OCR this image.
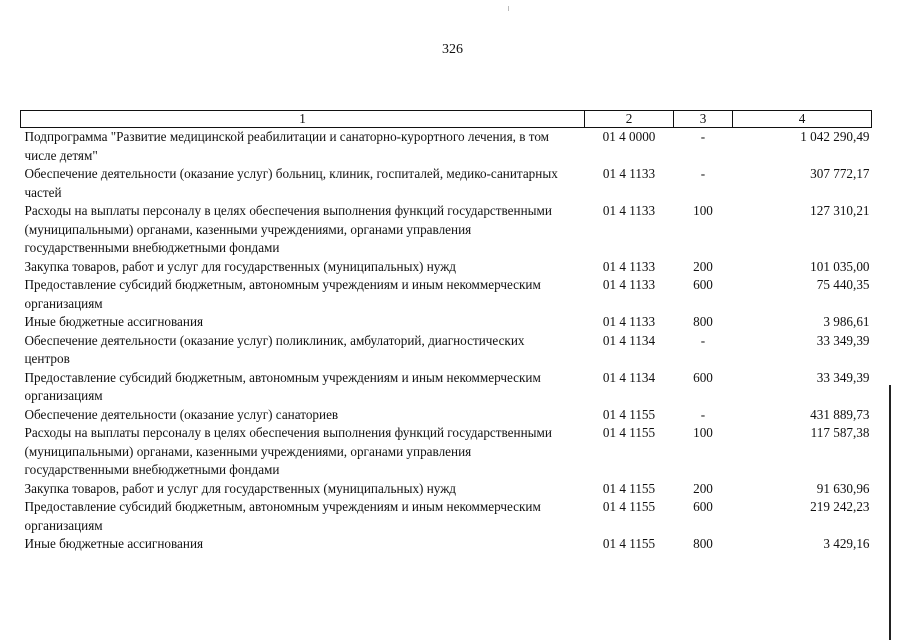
326
1	2	3	4
Подпрограмма "Развитие медицинской реабилитации и санаторно-курортного лечения, в том числе детям"	01 4 0000	-	1 042 290,49
Обеспечение деятельности (оказание услуг) больниц, клиник, госпиталей, медико-санитарных частей	01 4 1133	-	307 772,17
Расходы на выплаты персоналу в целях обеспечения выполнения функций государственными (муниципальными) органами, казенными учреждениями, органами управления государственными внебюджетными фондами	01 4 1133	100	127 310,21
Закупка товаров, работ и услуг для государственных (муниципальных) нужд	01 4 1133	200	101 035,00
Предоставление субсидий бюджетным, автономным учреждениям и иным некоммерческим организациям	01 4 1133	600	75 440,35
Иные бюджетные ассигнования	01 4 1133	800	3 986,61
Обеспечение деятельности (оказание услуг) поликлиник, амбулаторий, диагностических центров	01 4 1134	-	33 349,39
Предоставление субсидий бюджетным, автономным учреждениям и иным некоммерческим организациям	01 4 1134	600	33 349,39
Обеспечение деятельности (оказание услуг) санаториев	01 4 1155	-	431 889,73
Расходы на выплаты персоналу в целях обеспечения выполнения функций государственными (муниципальными) органами, казенными учреждениями, органами управления государственными внебюджетными фондами	01 4 1155	100	117 587,38
Закупка товаров, работ и услуг для государственных (муниципальных) нужд	01 4 1155	200	91 630,96
Предоставление субсидий бюджетным, автономным учреждениям и иным некоммерческим организациям	01 4 1155	600	219 242,23
Иные бюджетные ассигнования	01 4 1155	800	3 429,16
